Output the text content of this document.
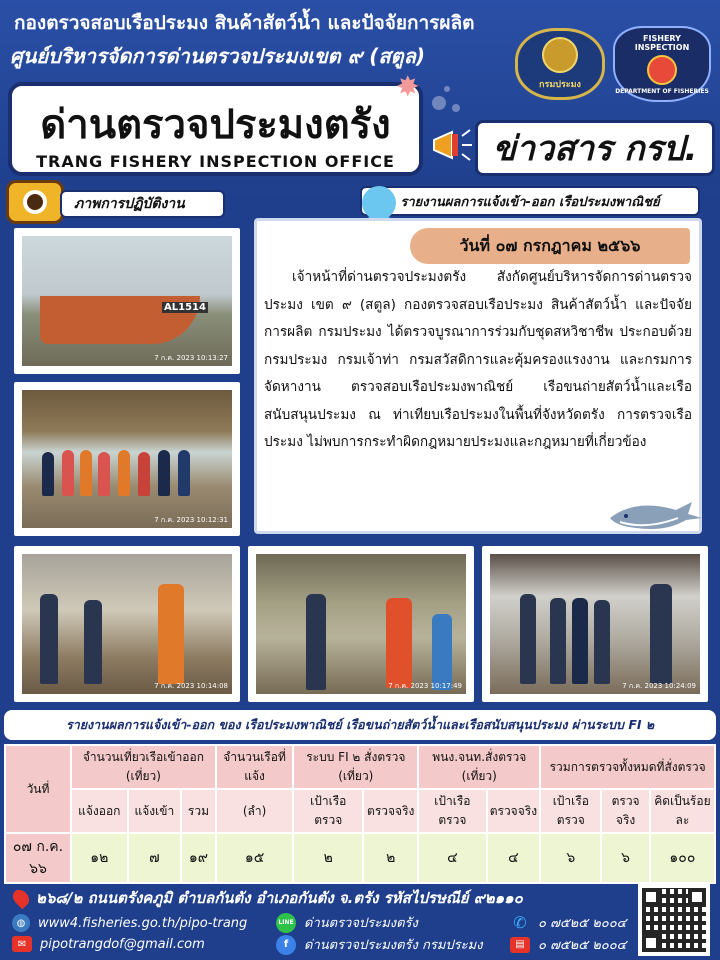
กองตรวจสอบเรือประมง สินค้าสัตว์น้ำ และปัจจัยการผลิต
ศูนย์บริหารจัดการด่านตรวจประมงเขต ๙ (สตูล)
กรมประมง
FISHERY INSPECTION
DEPARTMENT OF FISHERIES
ด่านตรวจประมงตรัง
TRANG FISHERY INSPECTION OFFICE
✸
ข่าวสาร กรป.
ภาพการปฏิบัติงาน	รายงานผลการแจ้งเข้า-ออก เรือประมงพาณิชย์
AL1514
7 ก.ค. 2023 10:13:27
7 ก.ค. 2023 10:12:31
7 ก.ค. 2023 10:14:08	7 ก.ค. 2023 10:17:49	7 ก.ค. 2023 10:24:09
วันที่ ๐๗ กรกฎาคม ๒๕๖๖
เจ้าหน้าที่ด่านตรวจประมงตรัง สังกัดศูนย์บริหารจัดการด่านตรวจประมง เขต ๙ (สตูล) กองตรวจสอบเรือประมง สินค้าสัตว์น้ำ และปัจจัยการผลิต กรมประมง ได้ตรวจบูรณาการร่วมกับชุดสหวิชาชีพ ประกอบด้วย กรมประมง กรมเจ้าท่า กรมสวัสดิการและคุ้มครองแรงงาน และกรมการจัดหางาน ตรวจสอบเรือประมงพาณิชย์ เรือขนถ่ายสัตว์น้ำและเรือสนับสนุนประมง ณ ท่าเทียบเรือประมงในพื้นที่จังหวัดตรัง การตรวจเรือประมง ไม่พบการกระทำผิดกฎหมายประมงและกฎหมายที่เกี่ยวข้อง
รายงานผลการแจ้งเข้า-ออก ของ เรือประมงพาณิชย์ เรือขนถ่ายสัตว์น้ำและเรือสนับสนุนประมง ผ่านระบบ FI ๒
วันที่	จำนวนเที่ยวเรือเข้าออก (เที่ยว)			จำนวนเรือที่แจ้ง	ระบบ FI ๒ สั่งตรวจ (เที่ยว)		พนง.จนท.สั่งตรวจ (เที่ยว)		รวมการตรวจทั้งหมดที่สั่งตรวจ		
	แจ้งออก	แจ้งเข้า	รวม	(ลำ)	เป้าเรือตรวจ	ตรวจจริง	เป้าเรือตรวจ	ตรวจจริง	เป้าเรือตรวจ	ตรวจจริง	คิดเป็นร้อยละ
๐๗ ก.ค. ๖๖	๑๒	๗	๑๙	๑๕	๒	๒	๔	๔	๖	๖	๑๐๐
๒๖๘/๒ ถนนตรังคภูมิ ตำบลกันตัง อำเภอกันตัง จ.ตรัง รหัสไปรษณีย์ ๙๒๑๑๐
◍ www4.fisheries.go.th/pipo-trang
✉	pipotrangdof@gmail.com
LINE ด่านตรวจประมงตรัง
f	ด่านตรวจประมงตรัง กรมประมง
✆ ๐ ๗๕๒๕ ๒๐๐๔
▤	๐ ๗๕๒๕ ๒๐๐๔
